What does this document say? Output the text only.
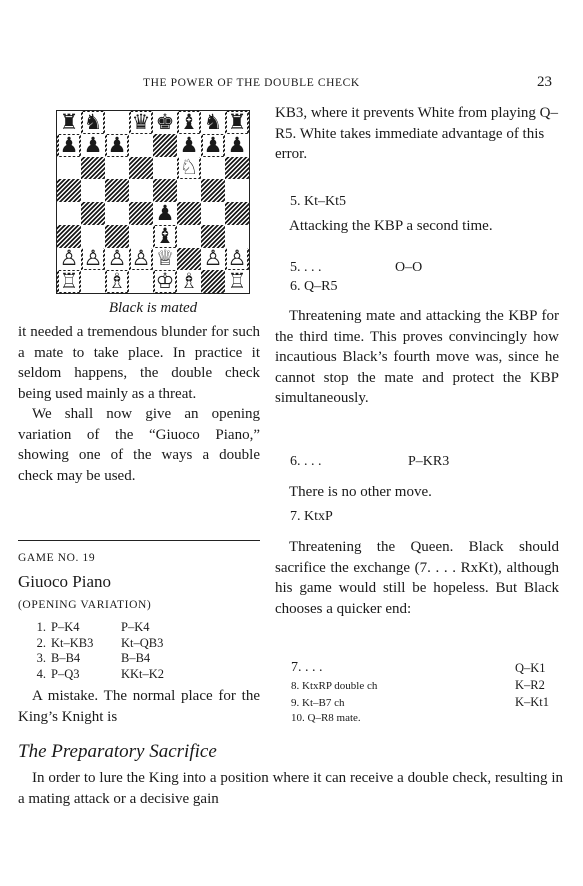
THE POWER OF THE DOUBLE CHECK	23
♜ ♞ ♛ ♚ ♝ ♞ ♜
♟ ♟ ♟	♟ ♟ ♟
♘
♟
♝
♙ ♙ ♙ ♙ ♕ ♙ ♙
♖ ♗ ♔ ♗ ♖
Black is mated
it needed a tremendous blunder for such a mate to take place. In practice it seldom happens, the double check being used mainly as a threat.
We shall now give an opening variation of the “Giuoco Piano,” showing one of the ways a double check may be used.
GAME NO. 19
Giuoco Piano
(OPENING VARIATION)
1.	P–K4	P–K4
2.	Kt–KB3	Kt–QB3
3.	B–B4	B–B4
4.	P–Q3	KKt–K2
A mistake. The normal place for the King’s Knight is
KB3, where it prevents White from playing Q–R5. White takes immediate advantage of this error.
5. Kt–Kt5
Attacking the KBP a second time.
5. . . .	O–O
6. Q–R5
Threatening mate and attacking the KBP for the third time. This proves convincingly how incautious Black’s fourth move was, since he cannot stop the mate and protect the KBP simultaneously.
6. . . .	P–KR3
There is no other move.
7. KtxP
Threatening the Queen. Black should sacrifice the exchange (7. . . . RxKt), although his game would still be hopeless. But Black chooses a quicker end:
7. . . .	Q–K1
8. KtxRP double ch	K–R2
9. Kt–B7 ch	K–Kt1
10. Q–R8 mate.	
The Preparatory Sacrifice
In order to lure the King into a position where it can receive a double check, resulting in a mating attack or a decisive gain
